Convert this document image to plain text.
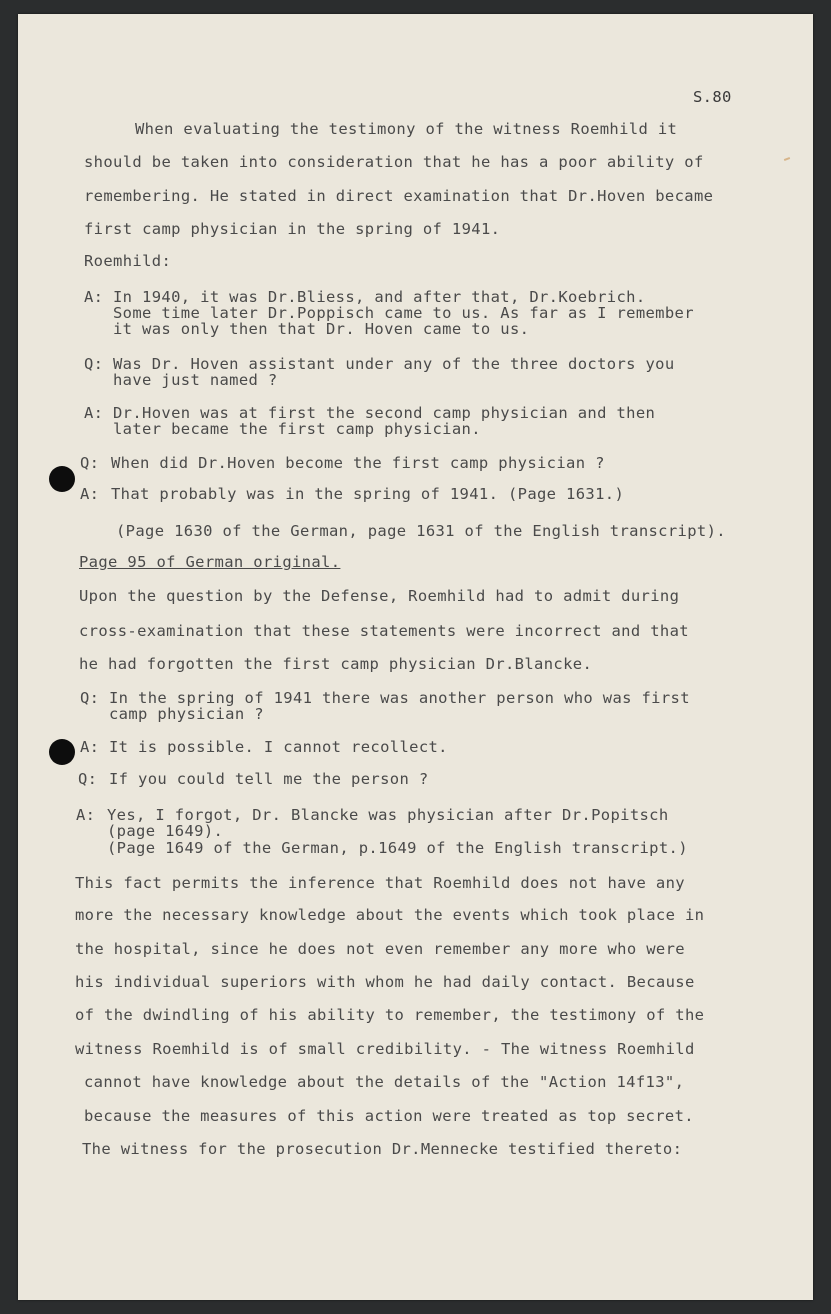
S.80
When evaluating the testimony of the witness Roemhild it
should be taken into consideration that he has a poor ability of
remembering. He stated in direct examination that Dr.Hoven became
first camp physician in the spring of 1941.
Roemhild:
A: In 1940, it was Dr.Bliess, and after that, Dr.Koebrich.
Some time later Dr.Poppisch came to us. As far as I remember
it was only then that Dr. Hoven came to us.
Q: Was Dr. Hoven assistant under any of the three doctors you
have just named ?
A: Dr.Hoven was at first the second camp physician and then
later became the first camp physician.
Q: When did Dr.Hoven become the first camp physician ?
A: That probably was in the spring of 1941. (Page 1631.)
(Page 1630 of the German, page 1631 of the English transcript).
Page 95 of German original.
Upon the question by the Defense, Roemhild had to admit during
cross-examination that these statements were incorrect and that
he had forgotten the first camp physician Dr.Blancke.
Q: In the spring of 1941 there was another person who was first
camp physician ?
A: It is possible. I cannot recollect.
Q: If you could tell me the person ?
A: Yes, I forgot, Dr. Blancke was physician after Dr.Popitsch
(page 1649).
(Page 1649 of the German, p.1649 of the English transcript.)
This fact permits the inference that Roemhild does not have any
more the necessary knowledge about the events which took place in
the hospital, since he does not even remember any more who were
his individual superiors with whom he had daily contact. Because
of the dwindling of his ability to remember, the testimony of the
witness Roemhild is of small credibility. - The witness Roemhild
cannot have knowledge about the details of the "Action 14f13",
because the measures of this action were treated as top secret.
The witness for the prosecution Dr.Mennecke testified thereto:
